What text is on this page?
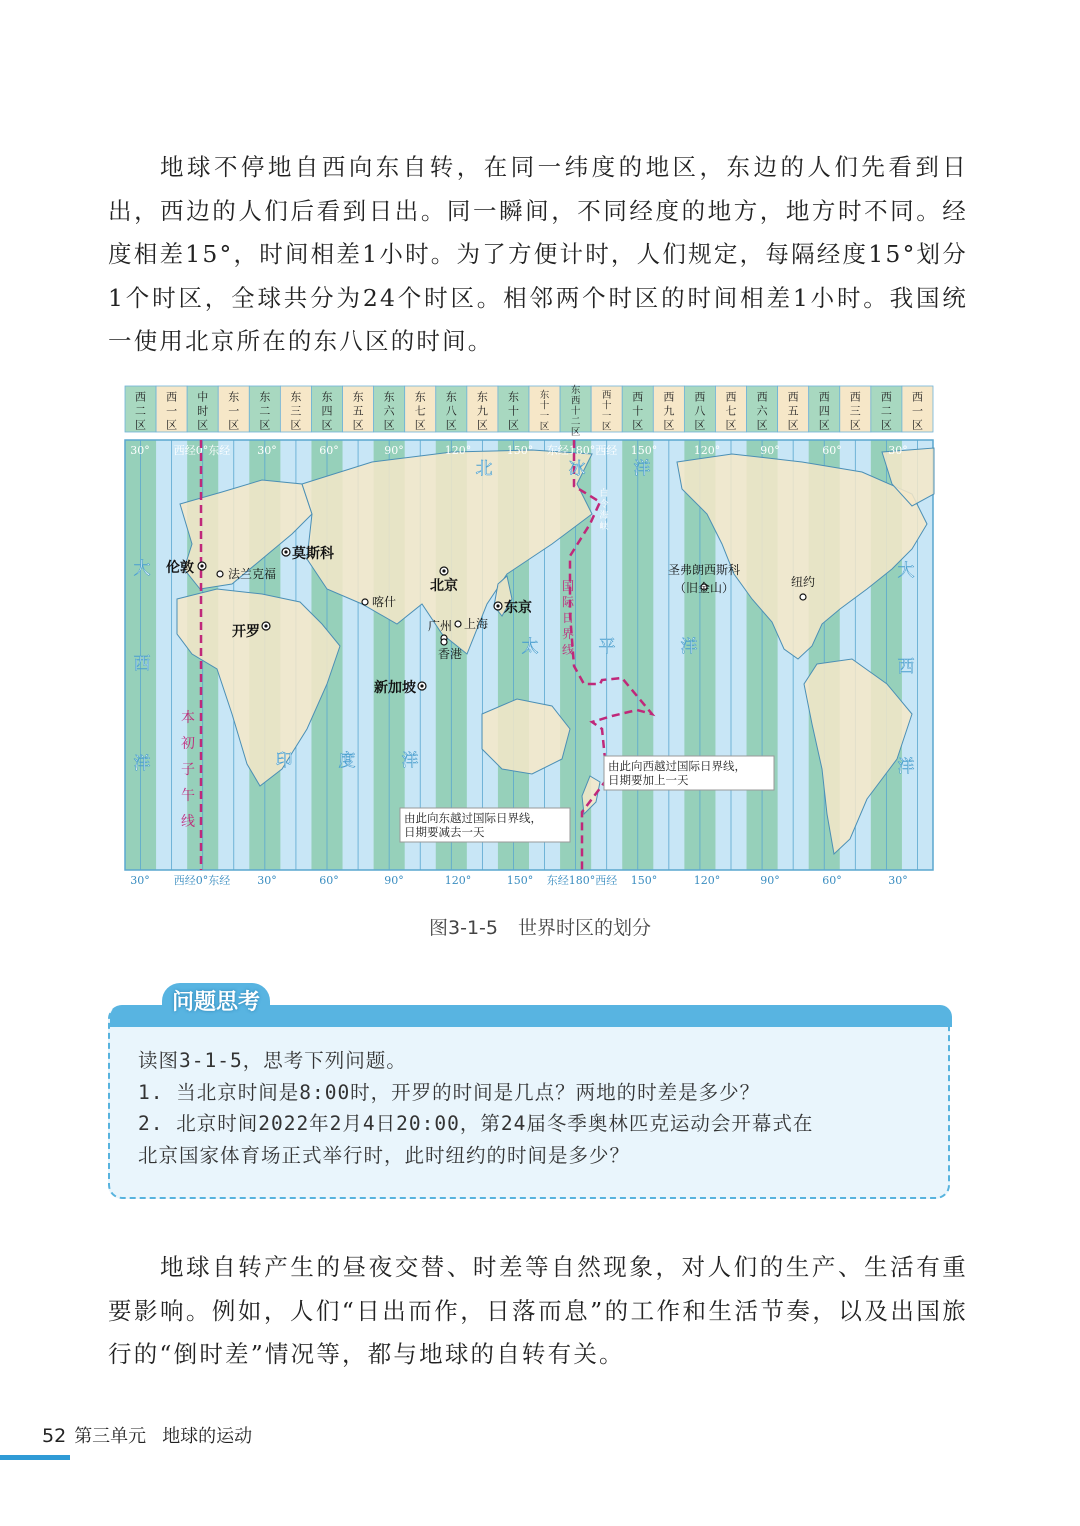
地球不停地自西向东自转，在同一纬度的地区，东边的人们先看到日出，西边的人们后看到日出。同一瞬间，不同经度的地方，地方时不同。经度相差15°，时间相差1小时。为了方便计时，人们规定，每隔经度15°划分1个时区，全球共分为24个时区。相邻两个时区的时间相差1小时。我国统一使用北京所在的东八区的时间。

西
二
区
西
一
区
中
时
区
东
一
区
东
二
区
东
三
区
东
四
区
东
五
区
东
六
区
东
七
区
东
八
区
东
九
区
东
十
区
东
十
一
区
东
西
十
二
区
西
十
一
区
西
十
区
西
九
区
西
八
区
西
七
区
西
六
区
西
五
区
西
四
区
西
三
区
西
二
区
西
一
区
30° 西经0°东经 30°	60°	90°	120°	150° 东经180°西经 150°	120°	90°	60°	30°
30° 西经0°东经 30°	60°	90°	120°	150° 东经180°西经 150°	120°	90°	60°	30°
伦敦	法兰克福
莫斯科
开罗
喀什
北京
东京
上海
广州
香港
新加坡
圣弗朗西斯科
（旧金山）	纽约
大
西
洋
北	冰	洋
太	平	洋
印	度	洋
大
西
洋
本
初
子
午
线
国
际
日
界
线
白
令
海
峡
由此向西越过国际日界线，
日期要加上一天
由此向东越过国际日界线，
日期要减去一天
图3-1-5 世界时区的划分
问题思考
读图3-1-5，思考下列问题。
1. 当北京时间是8:00时，开罗的时间是几点？两地的时差是多少？
2. 北京时间2022年2月4日20:00，第24届冬季奥林匹克运动会开幕式在
北京国家体育场正式举行时，此时纽约的时间是多少？

地球自转产生的昼夜交替、时差等自然现象，对人们的生产、生活有重要影响。例如，人们“日出而作，日落而息”的工作和生活节奏，以及出国旅行的“倒时差”情况等，都与地球的自转有关。

52 第三单元 地球的运动
